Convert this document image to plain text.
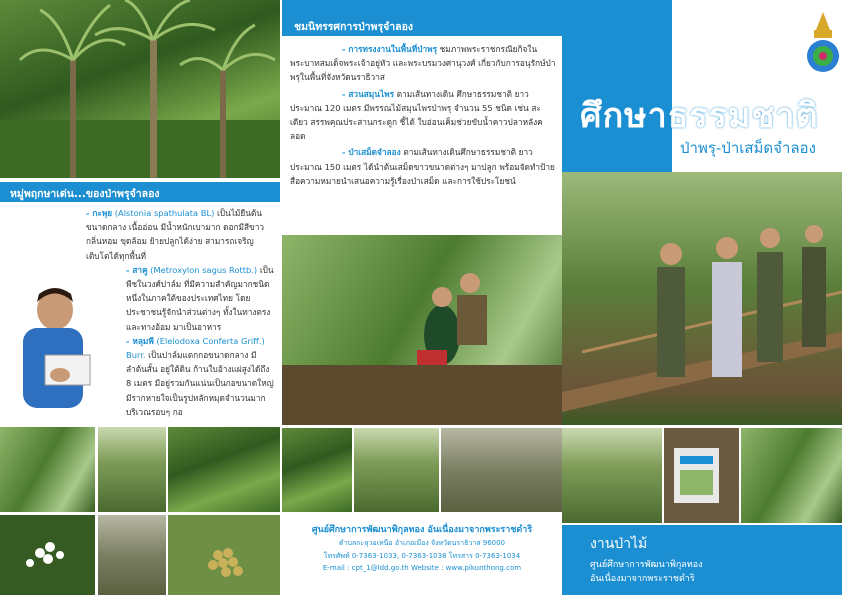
หมู่พฤกษาเด่น...ของป่าพรุจำลอง
- กะพุย (Alstonia spathulata BL) เป็นไม้ยืนต้นขนาดกลาง เนื้ออ่อน มีน้ำหนักเบามาก ดอกมีสีขาว กลิ่นหอม ขุดล้อม ย้ายปลูกได้ง่าย สามารถเจริญเติบโตได้ทุกพื้นที่
- สาคู (Metroxylon sagus Rottb.) เป็นพืชในวงศ์ปาล์ม ที่มีความสำคัญมากชนิดหนึ่งในภาคใต้ของประเทศไทย โดยประชาชนรู้จักนำส่วนต่างๆ ทั้งในทางตรงและทางอ้อม มาเป็นอาหาร
- หลุมพี (Eleiodoxa Conferta Griff.) Burr. เป็นปาล์มแตกกอขนาดกลาง มีลำต้นสั้น อยู่ใต้ดิน ก้านใบอ้างแผ่สูงได้ถึง 8 เมตร มีอยู่รวมกันแน่นเป็นกอขนาดใหญ่ มีรากหายใจเป็นรูปหลักหมุดจำนวนมากบริเวณรอบๆ กอ
ชมนิทรรศการป่าพรุจำลอง
- การทรงงานในพื้นที่ป่าพรุ ชมภาพพระราชกรณียกิจในพระบาทสมเด็จพระเจ้าอยู่หัว และพระบรมวงศานุวงศ์ เกี่ยวกับการอนุรักษ์ป่าพรุในพื้นที่จังหวัดนราธิวาส
- สวนสมุนไพร ตามเส้นทางเดิน ศึกษาธรรมชาติ ยาวประมาณ 120 เมตร มีพรรณไม้สมุนไพรป่าพรุ จำนวน 55 ชนิด เช่น สะเดียว สรรพคุณประสานกระดูก ชี้ได้ ใบอ่อนเค็มช่วยขับน้ำคาวปลาหลังคลอด
- ป่าเสม็ดจำลอง ตามเส้นทางเดินศึกษาธรรมชาติ ยาวประมาณ 150 เมตร ได้นำต้นเสม็ดขาวขนาดต่างๆ มาปลูก พร้อมจัดทำป้ายสื่อความหมายนำเสนอความรู้เรื่องป่าเสม็ด และการใช้ประโยชน์
ศูนย์ศึกษาการพัฒนาพิกุลทอง อันเนื่องมาจากพระราชดำริ
ตำบลกะลุวอเหนือ อำเภอเมือง จังหวัดนราธิวาส 96000
โทรศัพท์ 0-7363-1033, 0-7363-1038 โทรสาร 0-7363-1034
E-mail : cpt_1@ldd.go.th Website : www.pikunthong.com
ศึกษาธรรมชาติ
ป่าพรุ-ป่าเสม็ดจำลอง
งานป่าไม้
ศูนย์ศึกษาการพัฒนาพิกุลทอง
อันเนื่องมาจากพระราชดำริ
